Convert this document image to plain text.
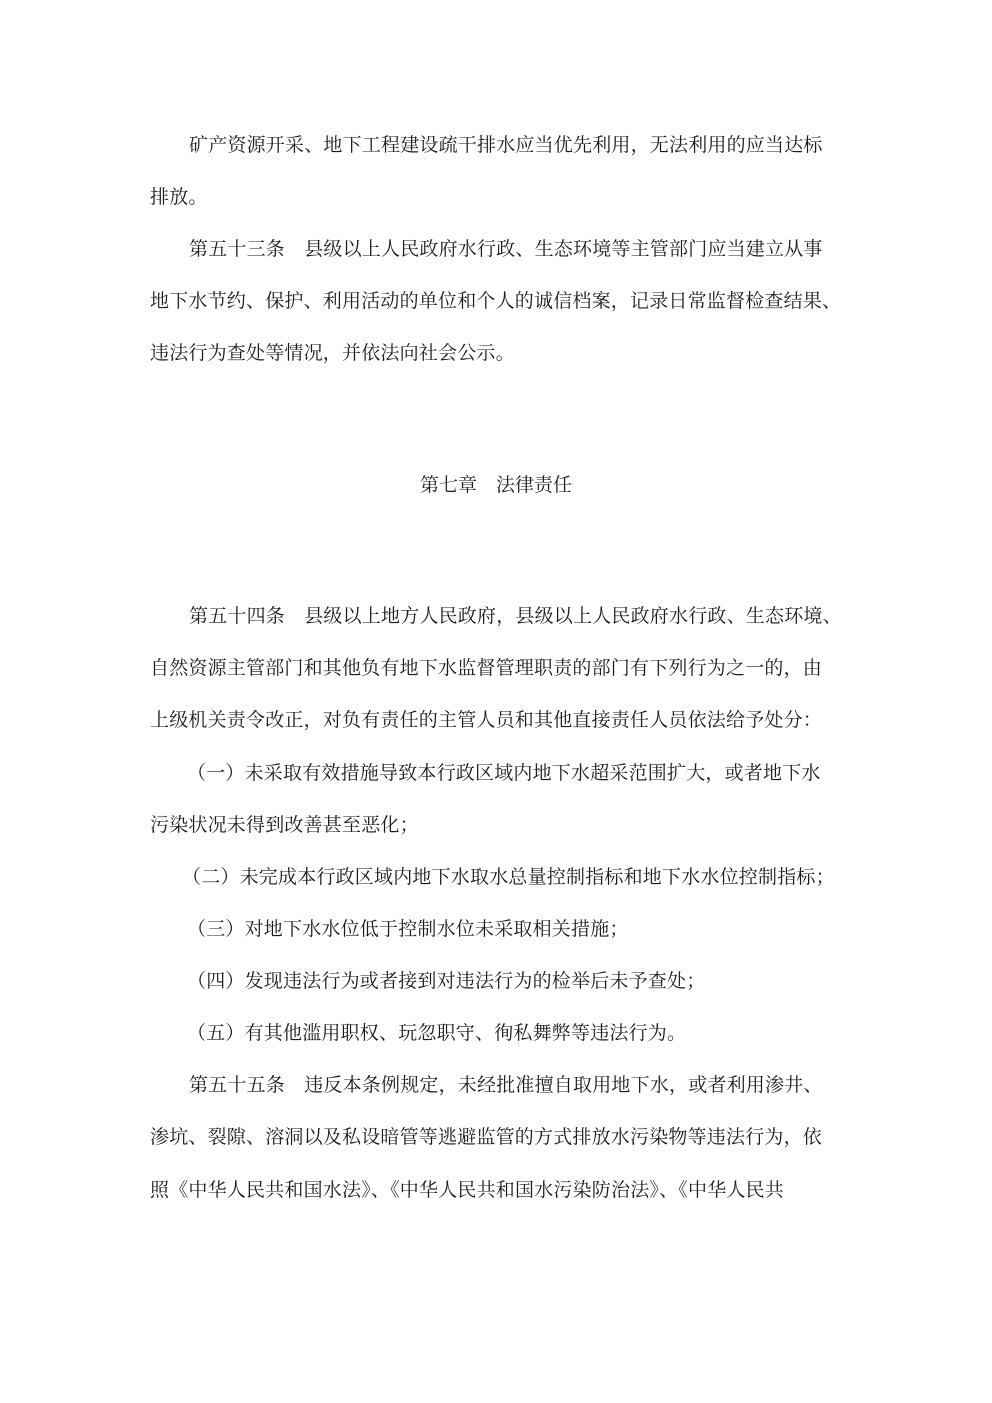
矿产资源开采、地下工程建设疏干排水应当优先利用，无法利用的应当达标
排放。
第五十三条　县级以上人民政府水行政、生态环境等主管部门应当建立从事
地下水节约、保护、利用活动的单位和个人的诚信档案，记录日常监督检查结果、
违法行为查处等情况，并依法向社会公示。
第七章　法律责任
第五十四条　县级以上地方人民政府，县级以上人民政府水行政、生态环境、
自然资源主管部门和其他负有地下水监督管理职责的部门有下列行为之一的，由
上级机关责令改正，对负有责任的主管人员和其他直接责任人员依法给予处分：
（一）未采取有效措施导致本行政区域内地下水超采范围扩大，或者地下水
污染状况未得到改善甚至恶化；
（二）未完成本行政区域内地下水取水总量控制指标和地下水水位控制指标；
（三）对地下水水位低于控制水位未采取相关措施；
（四）发现违法行为或者接到对违法行为的检举后未予查处；
（五）有其他滥用职权、玩忽职守、徇私舞弊等违法行为。
第五十五条　违反本条例规定，未经批准擅自取用地下水，或者利用渗井、
渗坑、裂隙、溶洞以及私设暗管等逃避监管的方式排放水污染物等违法行为，依
照《中华人民共和国水法》、《中华人民共和国水污染防治法》、《中华人民共
